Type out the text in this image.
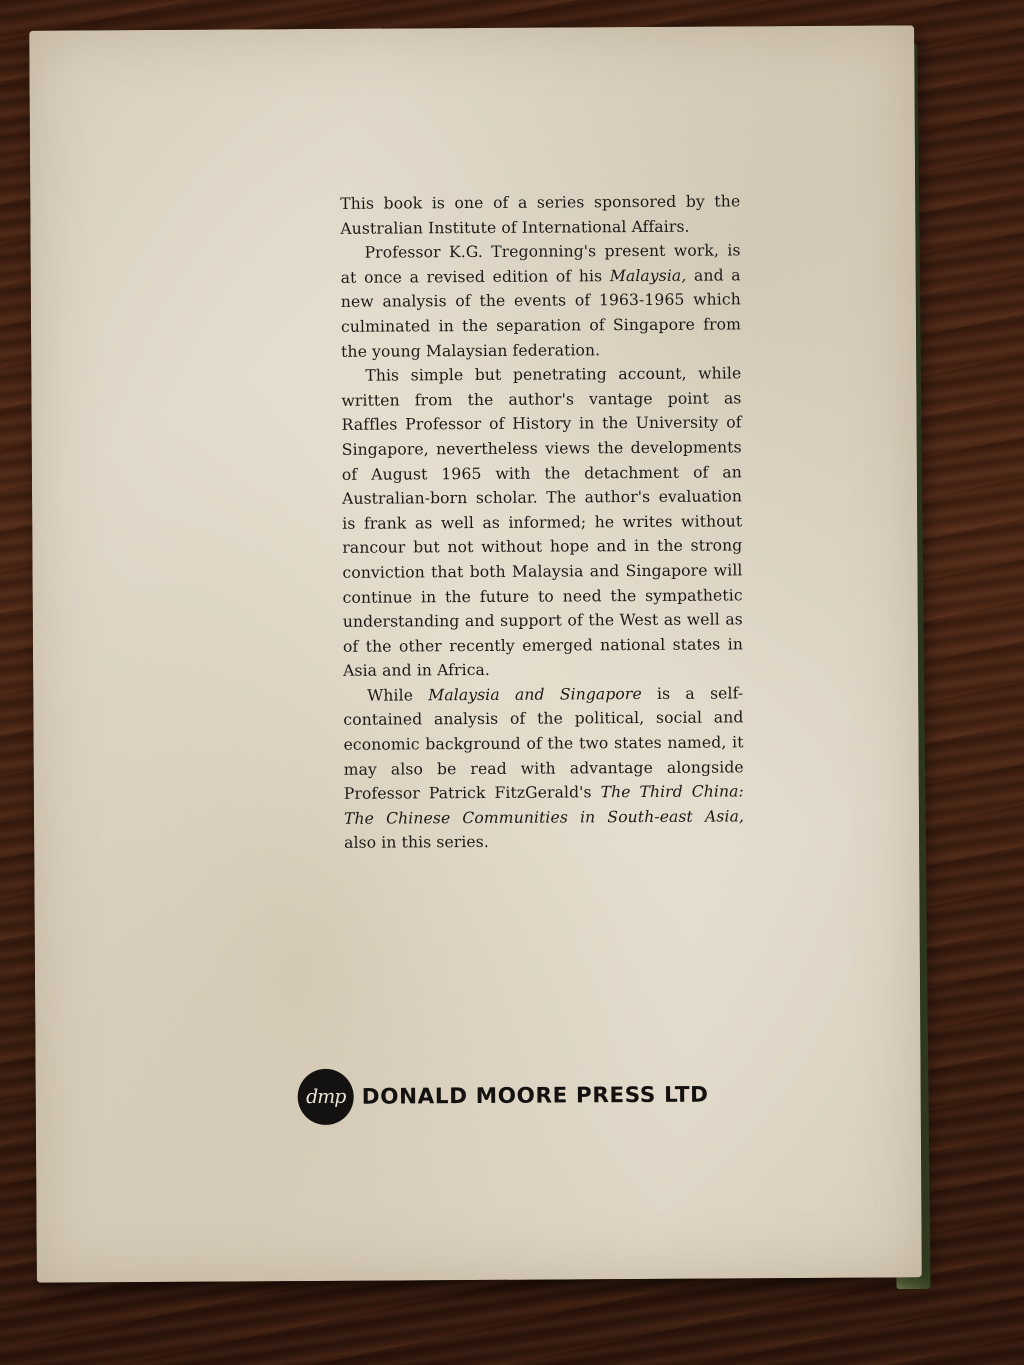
This book is one of a series sponsored by the Australian Institute of International Affairs.

Professor K.G. Tregonning's present work, is at once a revised edition of his Malaysia, and a new analysis of the events of 1963-1965 which culminated in the separation of Singapore from the young Malaysian federation.

This simple but penetrating account, while written from the author's vantage point as Raffles Professor of History in the University of Singapore, nevertheless views the developments of August 1965 with the detachment of an Australian-born scholar. The author's evaluation is frank as well as informed; he writes without rancour but not without hope and in the strong conviction that both Malaysia and Singapore will continue in the future to need the sympathetic understanding and support of the West as well as of the other recently emerged national states in Asia and in Africa.

While Malaysia and Singapore is a self-contained analysis of the political, social and economic background of the two states named, it may also be read with advantage alongside Professor Patrick FitzGerald's The Third China: The Chinese Communities in South-east Asia, also in this series.

dmp DONALD MOORE PRESS LTD
